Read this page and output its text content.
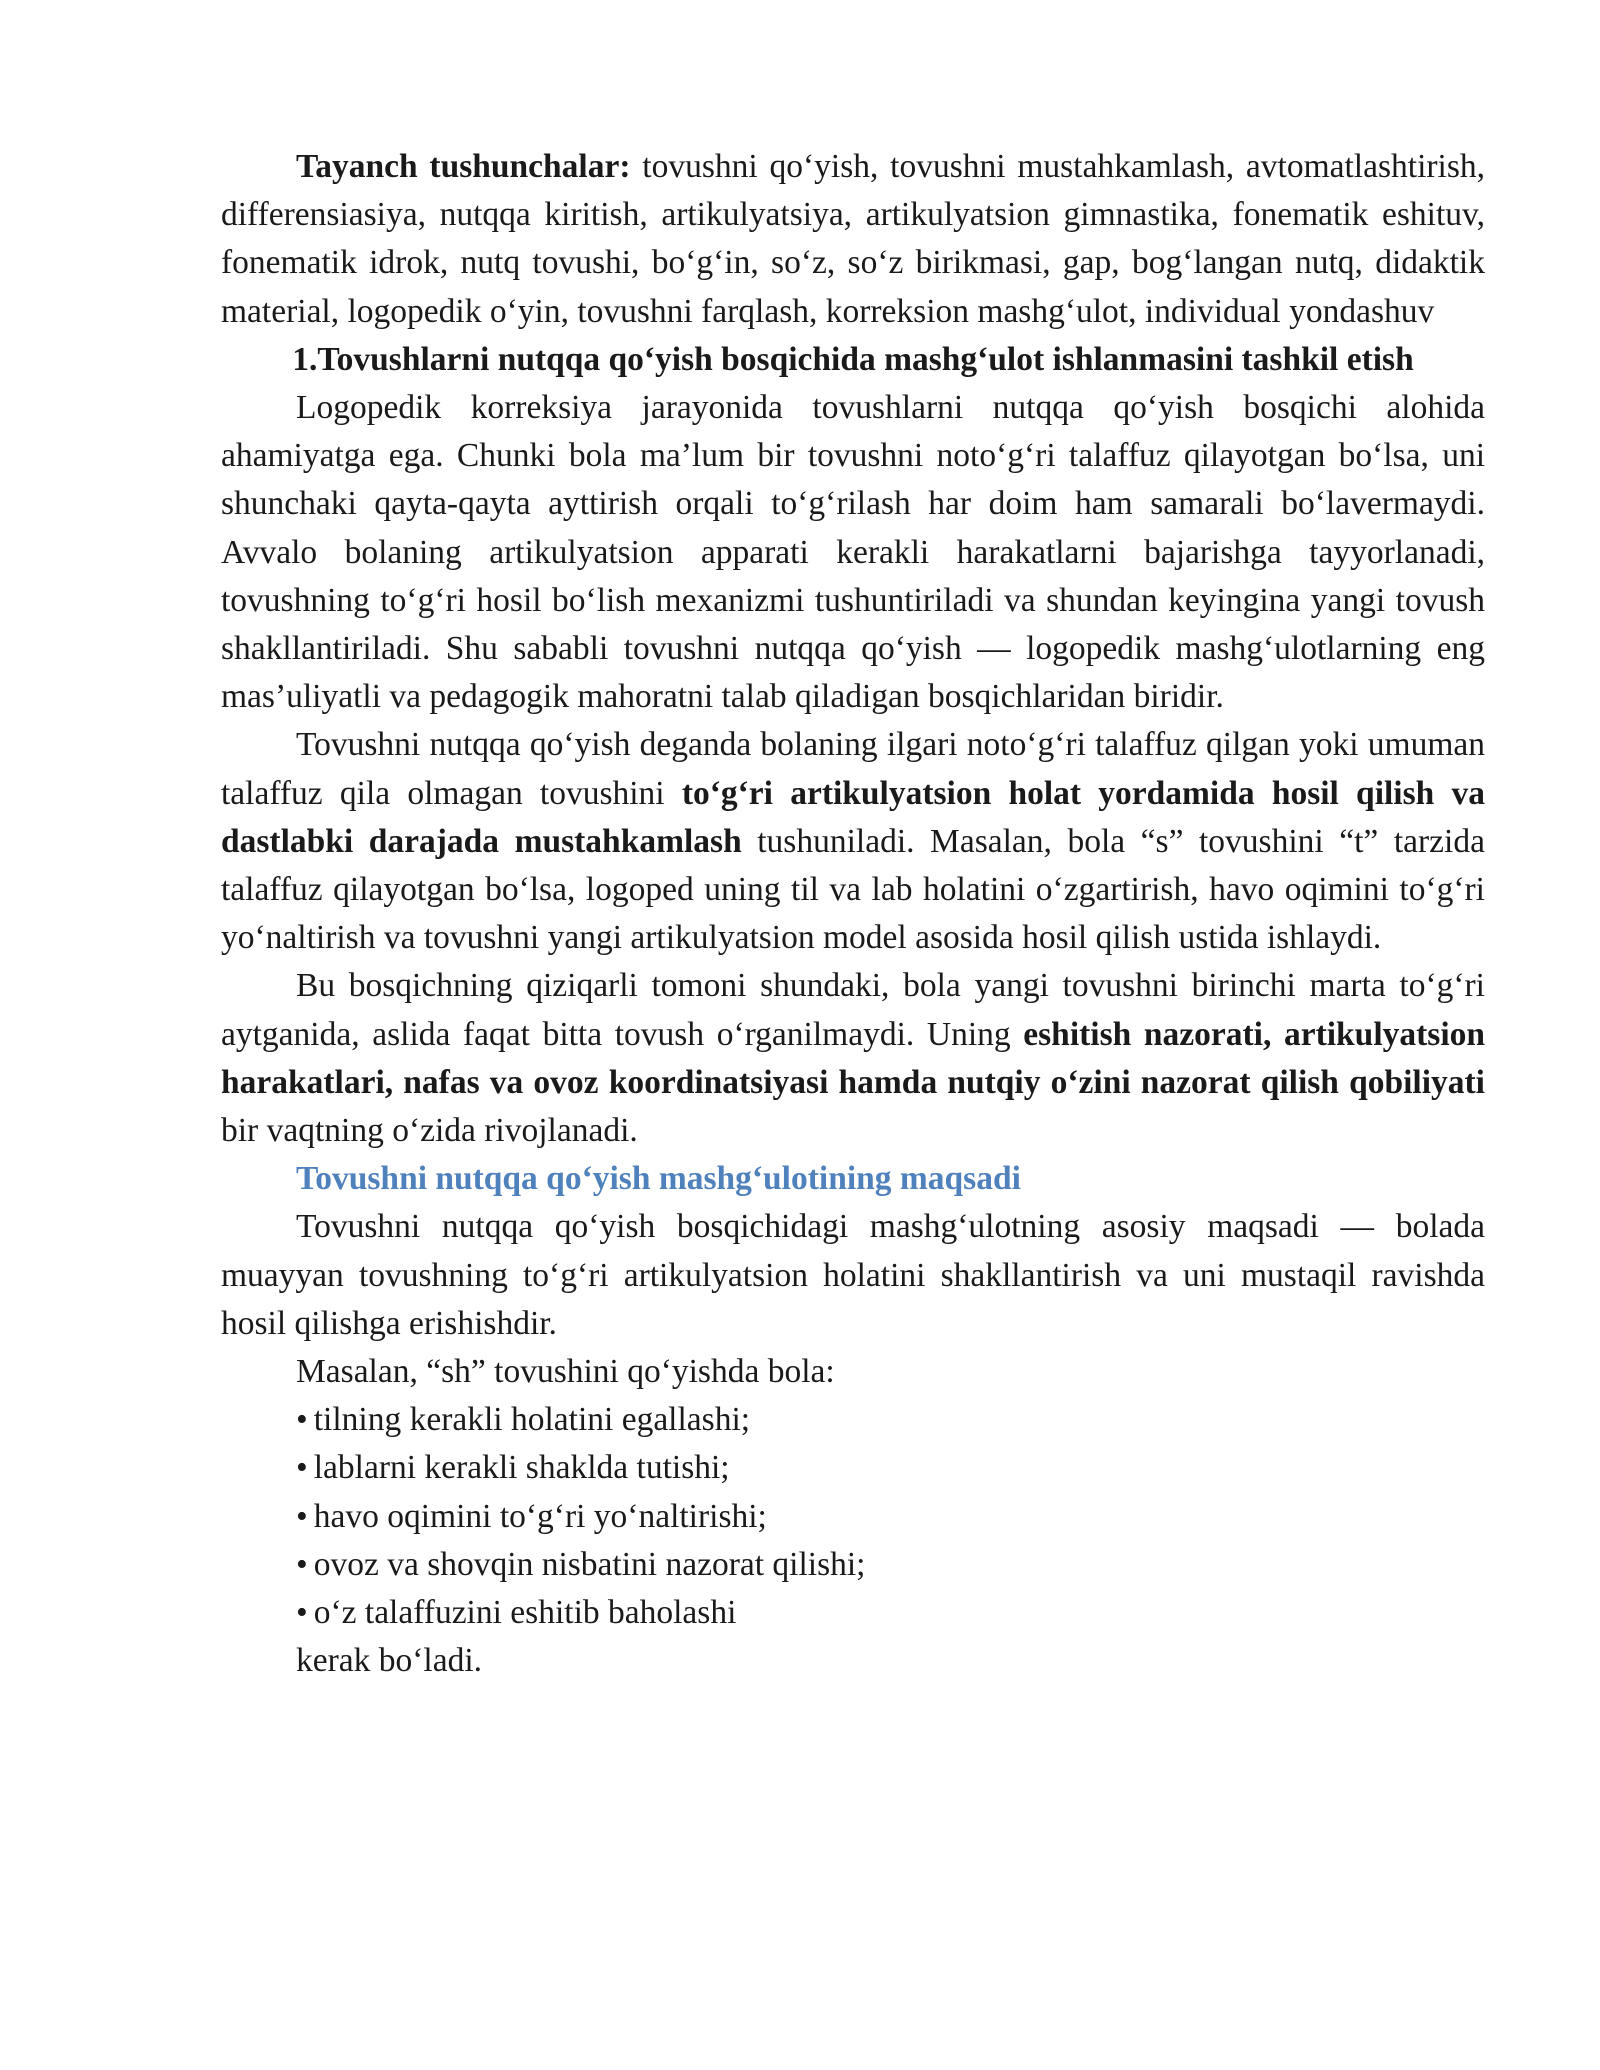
Tayanch tushunchalar: tovushni qo‘yish, tovushni mustahkamlash, avtomatlashtirish, differensiasiya, nutqqa kiritish, artikulyatsiya, artikulyatsion gimnastika, fonematik eshituv, fonematik idrok, nutq tovushi, bo‘g‘in, so‘z, so‘z birikmasi, gap, bog‘langan nutq, didaktik material, logopedik o‘yin, tovushni farqlash, korreksion mashg‘ulot, individual yondashuv

1.Tovushlarni nutqqa qo‘yish bosqichida mashg‘ulot ishlanmasini tashkil etish

Logopedik korreksiya jarayonida tovushlarni nutqqa qo‘yish bosqichi alohida ahamiyatga ega. Chunki bola ma’lum bir tovushni noto‘g‘ri talaffuz qilayotgan bo‘lsa, uni shunchaki qayta-qayta ayttirish orqali to‘g‘rilash har doim ham samarali bo‘lavermaydi. Avvalo bolaning artikulyatsion apparati kerakli harakatlarni bajarishga tayyorlanadi, tovushning to‘g‘ri hosil bo‘lish mexanizmi tushuntiriladi va shundan keyingina yangi tovush shakllantiriladi. Shu sababli tovushni nutqqa qo‘yish — logopedik mashg‘ulotlarning eng mas’uliyatli va pedagogik mahoratni talab qiladigan bosqichlaridan biridir.

Tovushni nutqqa qo‘yish deganda bolaning ilgari noto‘g‘ri talaffuz qilgan yoki umuman talaffuz qila olmagan tovushini to‘g‘ri artikulyatsion holat yordamida hosil qilish va dastlabki darajada mustahkamlash tushuniladi. Masalan, bola “s” tovushini “t” tarzida talaffuz qilayotgan bo‘lsa, logoped uning til va lab holatini o‘zgartirish, havo oqimini to‘g‘ri yo‘naltirish va tovushni yangi artikulyatsion model asosida hosil qilish ustida ishlaydi.

Bu bosqichning qiziqarli tomoni shundaki, bola yangi tovushni birinchi marta to‘g‘ri aytganida, aslida faqat bitta tovush o‘rganilmaydi. Uning eshitish nazorati, artikulyatsion harakatlari, nafas va ovoz koordinatsiyasi hamda nutqiy o‘zini nazorat qilish qobiliyati bir vaqtning o‘zida rivojlanadi.

Tovushni nutqqa qo‘yish mashg‘ulotining maqsadi

Tovushni nutqqa qo‘yish bosqichidagi mashg‘ulotning asosiy maqsadi — bolada muayyan tovushning to‘g‘ri artikulyatsion holatini shakllantirish va uni mustaqil ravishda hosil qilishga erishishdir.

Masalan, “sh” tovushini qo‘yishda bola:

• tilning kerakli holatini egallashi;
• lablarni kerakli shaklda tutishi;
• havo oqimini to‘g‘ri yo‘naltirishi;
• ovoz va shovqin nisbatini nazorat qilishi;
• o‘z talaffuzini eshitib baholashi

kerak bo‘ladi.
